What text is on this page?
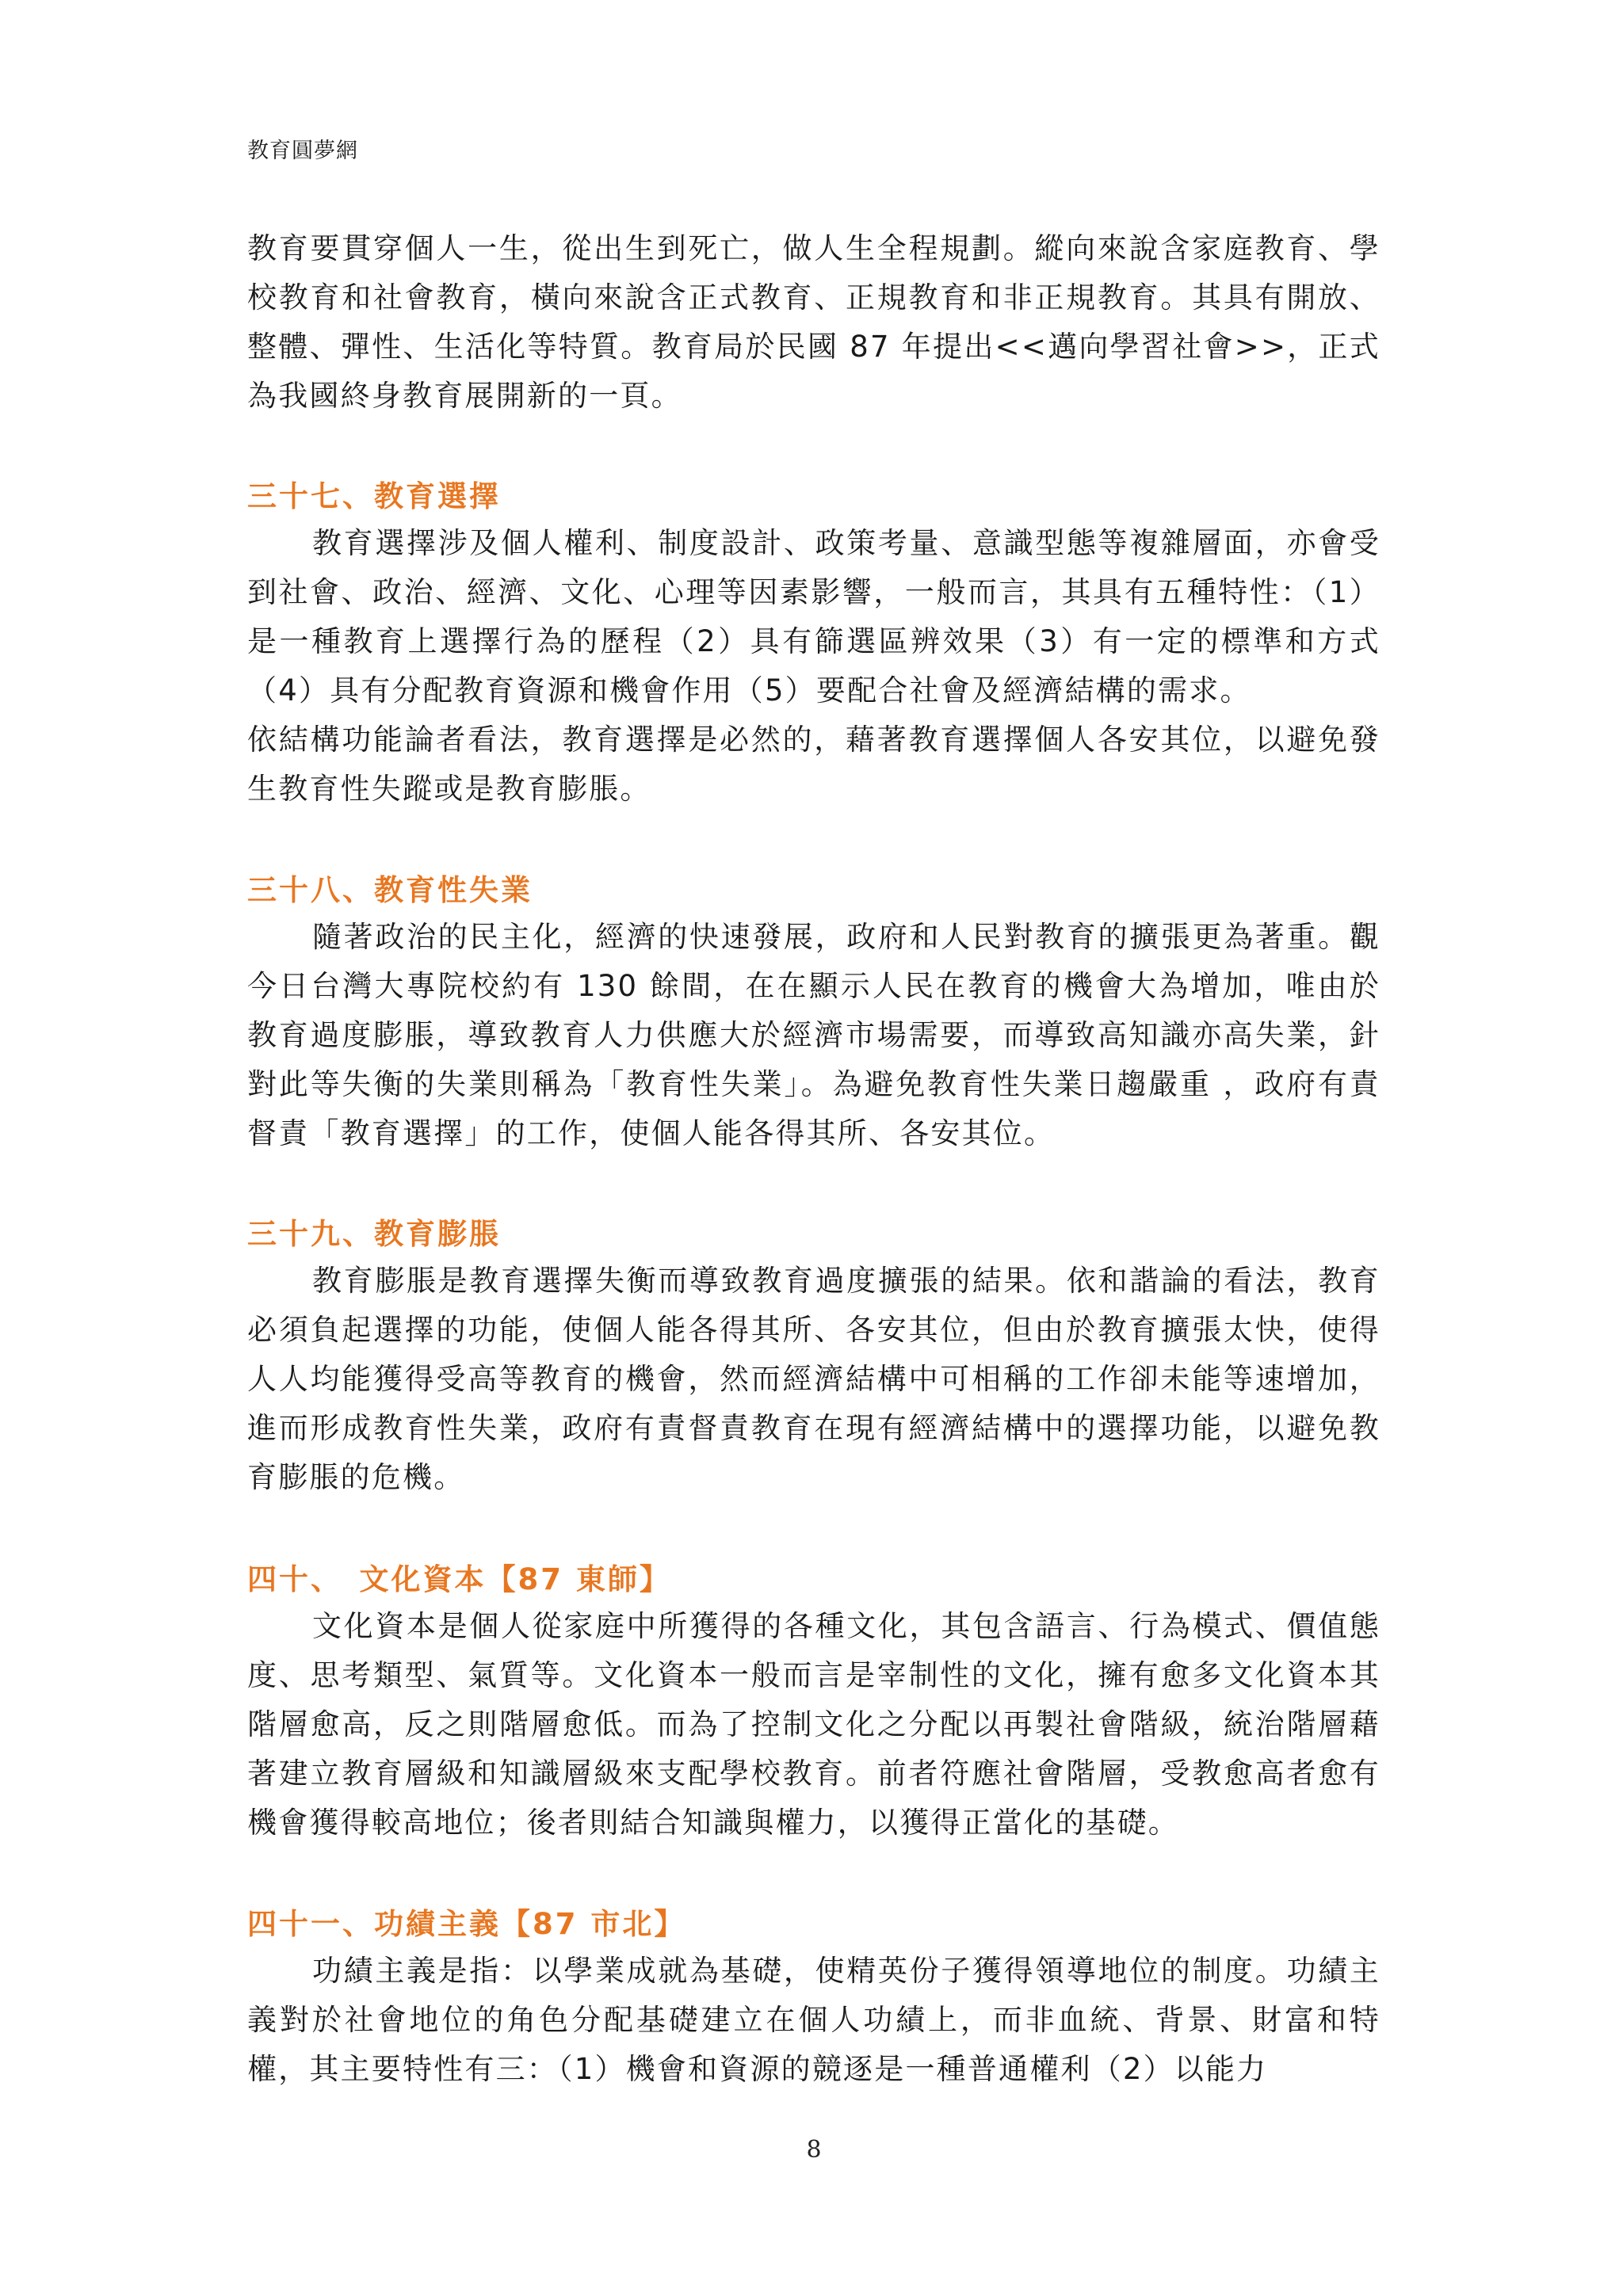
教育圓夢網

教育要貫穿個人一生，從出生到死亡，做人生全程規劃。縱向來說含家庭教育、學校教育和社會教育，橫向來說含正式教育、正規教育和非正規教育。其具有開放、整體、彈性、生活化等特質。教育局於民國 87 年提出<<邁向學習社會>>，正式為我國終身教育展開新的一頁。

三十七、教育選擇

教育選擇涉及個人權利、制度設計、政策考量、意識型態等複雜層面，亦會受到社會、政治、經濟、文化、心理等因素影響，一般而言，其具有五種特性：（1）是一種教育上選擇行為的歷程（2）具有篩選區辨效果（3）有一定的標準和方式（4）具有分配教育資源和機會作用（5）要配合社會及經濟結構的需求。

依結構功能論者看法，教育選擇是必然的，藉著教育選擇個人各安其位，以避免發生教育性失蹤或是教育膨脹。

三十八、教育性失業

隨著政治的民主化，經濟的快速發展，政府和人民對教育的擴張更為著重。觀今日台灣大專院校約有 130 餘間，在在顯示人民在教育的機會大為增加，唯由於教育過度膨脹，導致教育人力供應大於經濟市場需要，而導致高知識亦高失業，針對此等失衡的失業則稱為「教育性失業」。為避免教育性失業日趨嚴重 ，政府有責督責「教育選擇」的工作，使個人能各得其所、各安其位。

三十九、教育膨脹

教育膨脹是教育選擇失衡而導致教育過度擴張的結果。依和諧論的看法，教育必須負起選擇的功能，使個人能各得其所、各安其位，但由於教育擴張太快，使得人人均能獲得受高等教育的機會，然而經濟結構中可相稱的工作卻未能等速增加，進而形成教育性失業，政府有責督責教育在現有經濟結構中的選擇功能，以避免教育膨脹的危機。

四十、　文化資本【87 東師】

文化資本是個人從家庭中所獲得的各種文化，其包含語言、行為模式、價值態度、思考類型、氣質等。文化資本一般而言是宰制性的文化，擁有愈多文化資本其階層愈高，反之則階層愈低。而為了控制文化之分配以再製社會階級，統治階層藉著建立教育層級和知識層級來支配學校教育。前者符應社會階層，受教愈高者愈有機會獲得較高地位；後者則結合知識與權力，以獲得正當化的基礎。

四十一、功績主義【87 市北】

功績主義是指：以學業成就為基礎，使精英份子獲得領導地位的制度。功績主義對於社會地位的角色分配基礎建立在個人功績上，而非血統、背景、財富和特權，其主要特性有三：（1）機會和資源的競逐是一種普通權利（2）以能力

8
